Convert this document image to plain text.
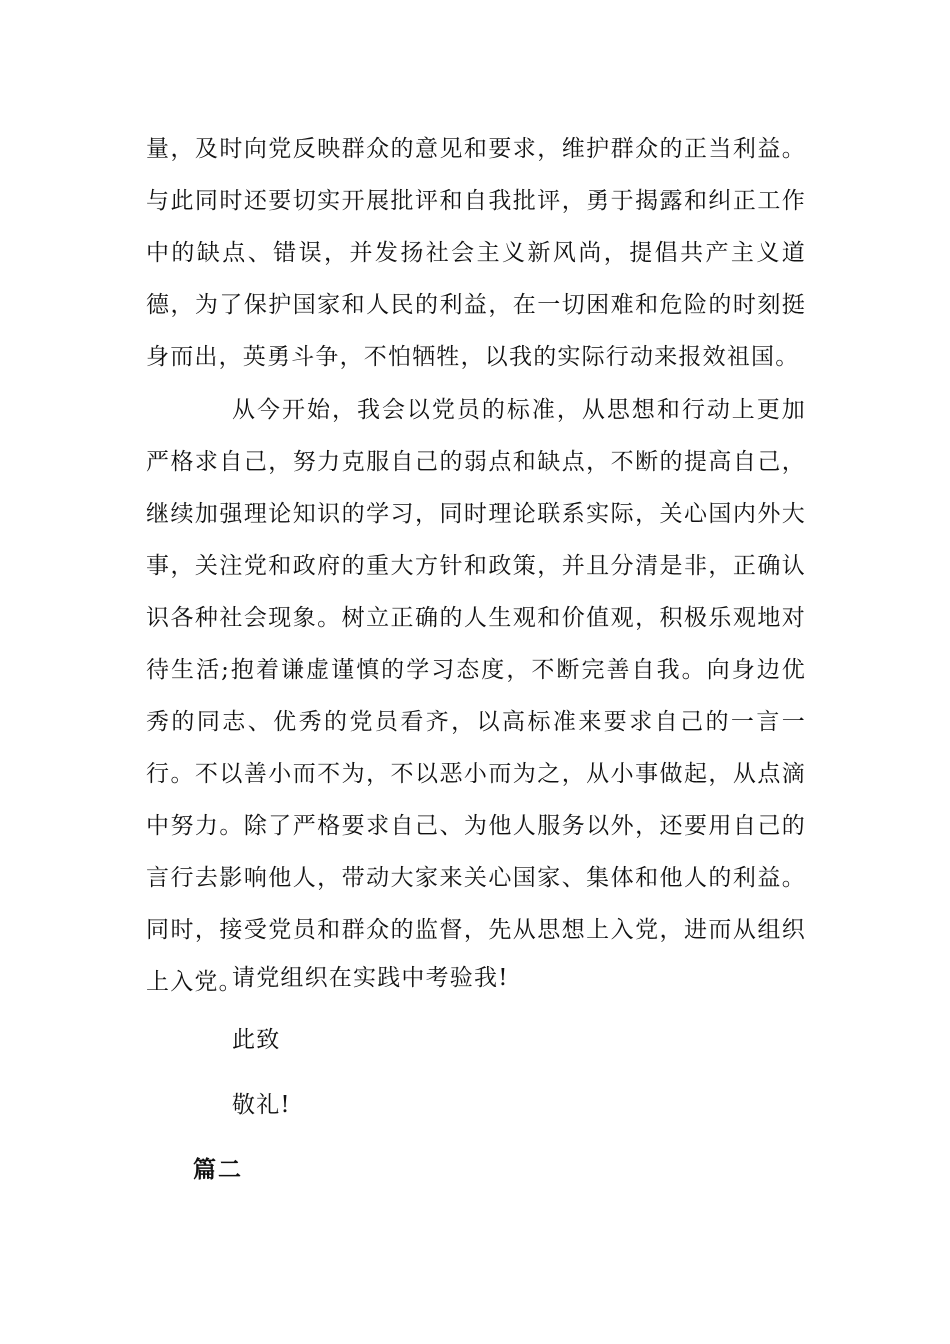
量，及时向党反映群众的意见和要求，维护群众的正当利益。与此同时还要切实开展批评和自我批评，勇于揭露和纠正工作中的缺点、错误，并发扬社会主义新风尚，提倡共产主义道德，为了保护国家和人民的利益，在一切困难和危险的时刻挺身而出，英勇斗争，不怕牺牲，以我的实际行动来报效祖国。

从今开始，我会以党员的标准，从思想和行动上更加严格求自己，努力克服自己的弱点和缺点，不断的提高自己，继续加强理论知识的学习，同时理论联系实际，关心国内外大事，关注党和政府的重大方针和政策，并且分清是非，正确认识各种社会现象。树立正确的人生观和价值观，积极乐观地对待生活;抱着谦虚谨慎的学习态度，不断完善自我。向身边优秀的同志、优秀的党员看齐，以高标准来要求自己的一言一行。不以善小而不为，不以恶小而为之，从小事做起，从点滴中努力。除了严格要求自己、为他人服务以外，还要用自己的言行去影响他人，带动大家来关心国家、集体和他人的利益。同时，接受党员和群众的监督，先从思想上入党，进而从组织上入党。

请党组织在实践中考验我!

此致

敬礼!

篇二
